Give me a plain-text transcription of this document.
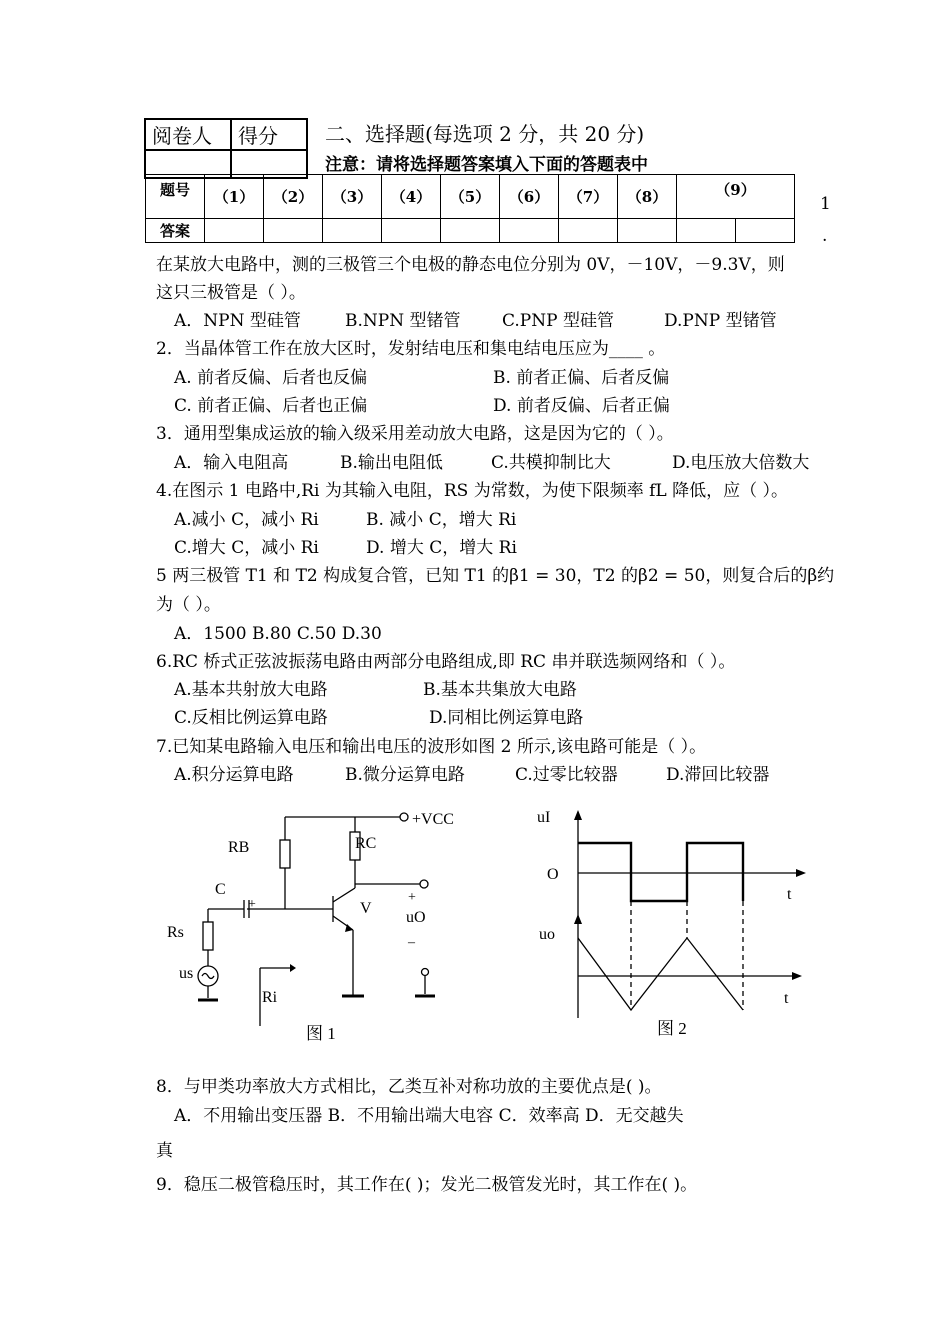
阅卷人	得分
	二、选择题(每选项 2 分，共 20 分)
注意：请将选择题答案填入下面的答题表中
题号	（1）	（2）	（3）	（4）	（5）	（6）	（7）	（8）	（9）	
答案										
1
.
在某放大电路中，测的三极管三个电极的静态电位分别为 0V，－10V，－9.3V，则
这只三极管是（ ）。
A．NPN 型硅管	B.NPN 型锗管 C.PNP 型硅管	D.PNP 型锗管
2．当晶体管工作在放大区时，发射结电压和集电结电压应为____ 。
A. 前者反偏、后者也反偏	B. 前者正偏、后者反偏
C. 前者正偏、后者也正偏	D. 前者反偏、后者正偏
3．通用型集成运放的输入级采用差动放大电路，这是因为它的（ ）。
A．输入电阻高	B.输出电阻低	C.共模抑制比大	D.电压放大倍数大
4.在图示 1 电路中,Ri 为其输入电阻，RS 为常数，为使下限频率 fL 降低，应（ ）。
A.减小 C，减小 Ri	B. 减小 C，增大 Ri
C.增大 C，减小 Ri	D. 增大 C，增大 Ri
5 两三极管 T1 和 T2 构成复合管，已知 T1 的β1 = 30，T2 的β2 = 50，则复合后的β约
为（ ）。
A．1500 B.80 C.50 D.30
6.RC 桥式正弦波振荡电路由两部分电路组成,即 RC 串并联选频网络和（ ）。
A.基本共射放大电路	B.基本共集放大电路
C.反相比例运算电路	D.同相比例运算电路
7.已知某电路输入电压和输出电压的波形如图 2 所示,该电路可能是（ ）。
A.积分运算电路	B.微分运算电路	C.过零比较器	D.滞回比较器
+VCC
RB	RC
C
+	V
Rs
+
uO
–
us
Ri
图 1
uI
O
t
uo
t
图 2
8．与甲类功率放大方式相比，乙类互补对称功放的主要优点是( )。
A．不用输出变压器 B．不用输出端大电容 C．效率高 D．无交越失
真
9．稳压二极管稳压时，其工作在( )；发光二极管发光时，其工作在( )。
